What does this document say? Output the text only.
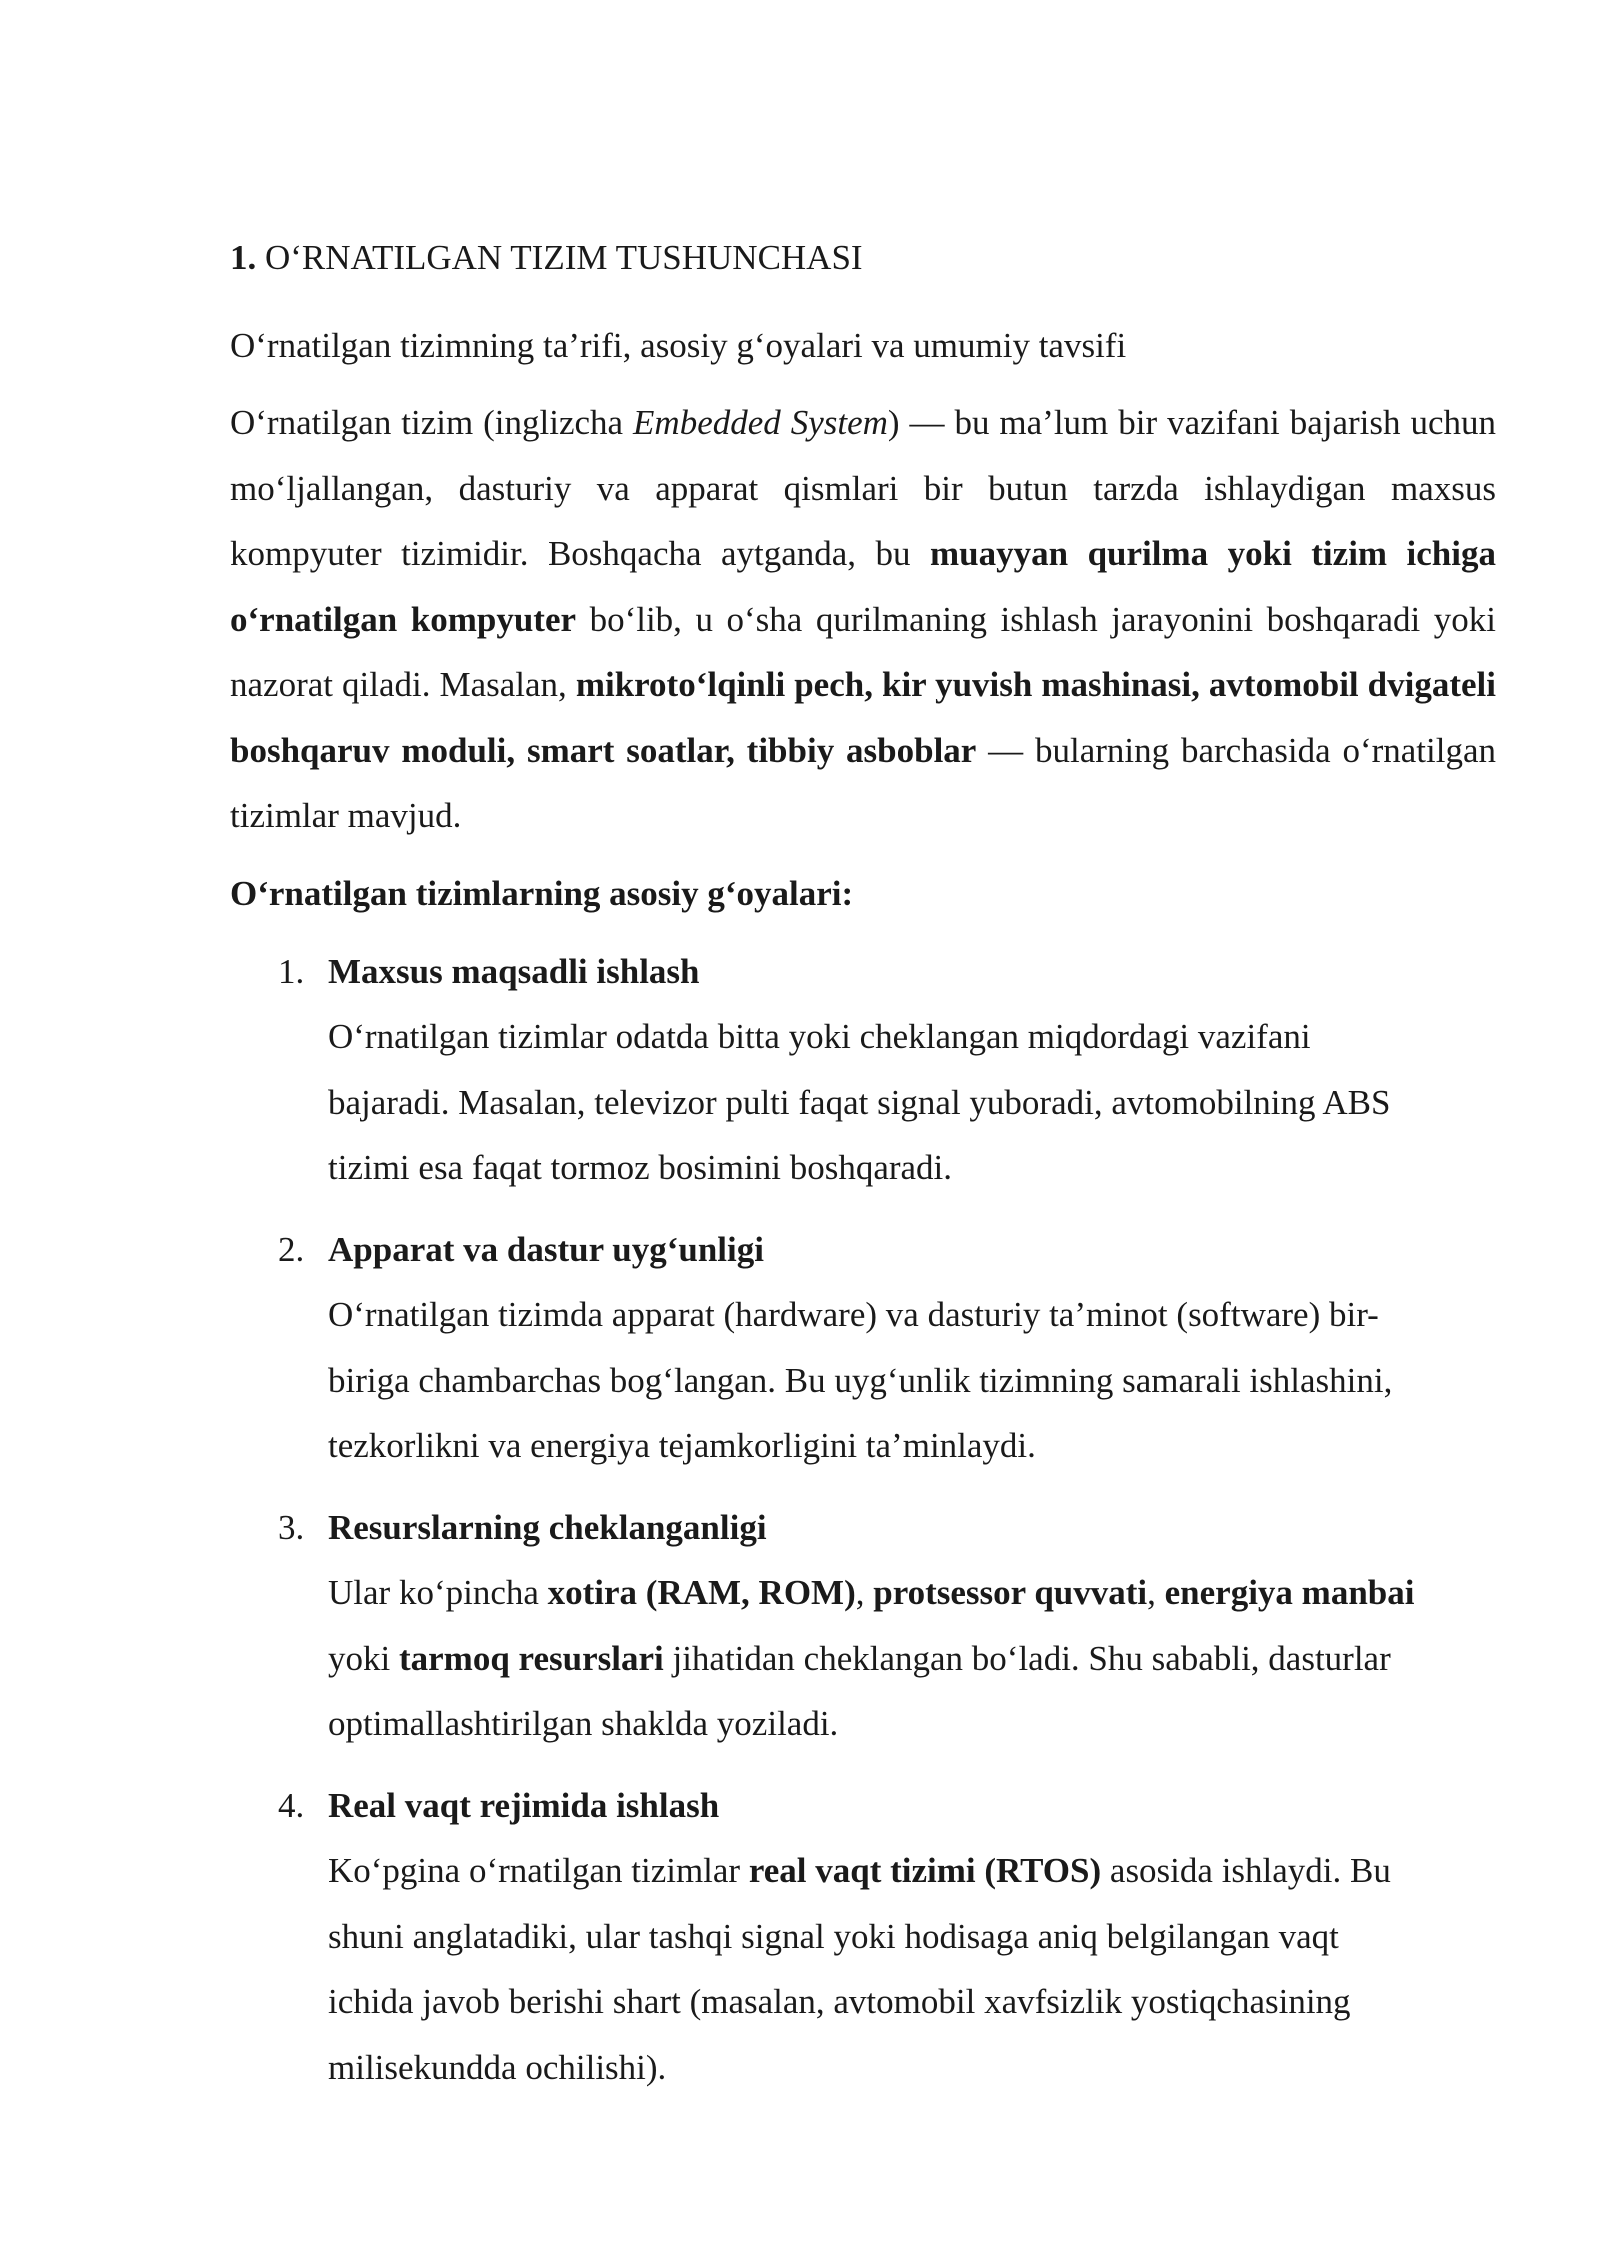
1. O‘RNATILGAN TIZIM TUSHUNCHASI

O‘rnatilgan tizimning ta’rifi, asosiy g‘oyalari va umumiy tavsifi

O‘rnatilgan tizim (inglizcha Embedded System) — bu ma’lum bir vazifani bajarish uchun mo‘ljallangan, dasturiy va apparat qismlari bir butun tarzda ishlaydigan maxsus kompyuter tizimidir. Boshqacha aytganda, bu muayyan qurilma yoki tizim ichiga o‘rnatilgan kompyuter bo‘lib, u o‘sha qurilmaning ishlash jarayonini boshqaradi yoki nazorat qiladi. Masalan, mikroto‘lqinli pech, kir yuvish mashinasi, avtomobil dvigateli boshqaruv moduli, smart soatlar, tibbiy asboblar — bularning barchasida o‘rnatilgan tizimlar mavjud.

O‘rnatilgan tizimlarning asosiy g‘oyalari:

1. Maxsus maqsadli ishlash
O‘rnatilgan tizimlar odatda bitta yoki cheklangan miqdordagi vazifani bajaradi. Masalan, televizor pulti faqat signal yuboradi, avtomobilning ABS tizimi esa faqat tormoz bosimini boshqaradi.
2. Apparat va dastur uyg‘unligi
O‘rnatilgan tizimda apparat (hardware) va dasturiy ta’minot (software) bir-biriga chambarchas bog‘langan. Bu uyg‘unlik tizimning samarali ishlashini, tezkorlikni va energiya tejamkorligini ta’minlaydi.
3. Resurslarning cheklanganligi
Ular ko‘pincha xotira (RAM, ROM), protsessor quvvati, energiya manbai yoki tarmoq resurslari jihatidan cheklangan bo‘ladi. Shu sababli, dasturlar optimallashtirilgan shaklda yoziladi.
4. Real vaqt rejimida ishlash
Ko‘pgina o‘rnatilgan tizimlar real vaqt tizimi (RTOS) asosida ishlaydi. Bu shuni anglatadiki, ular tashqi signal yoki hodisaga aniq belgilangan vaqt ichida javob berishi shart (masalan, avtomobil xavfsizlik yostiqchasining milisekundda ochilishi).
